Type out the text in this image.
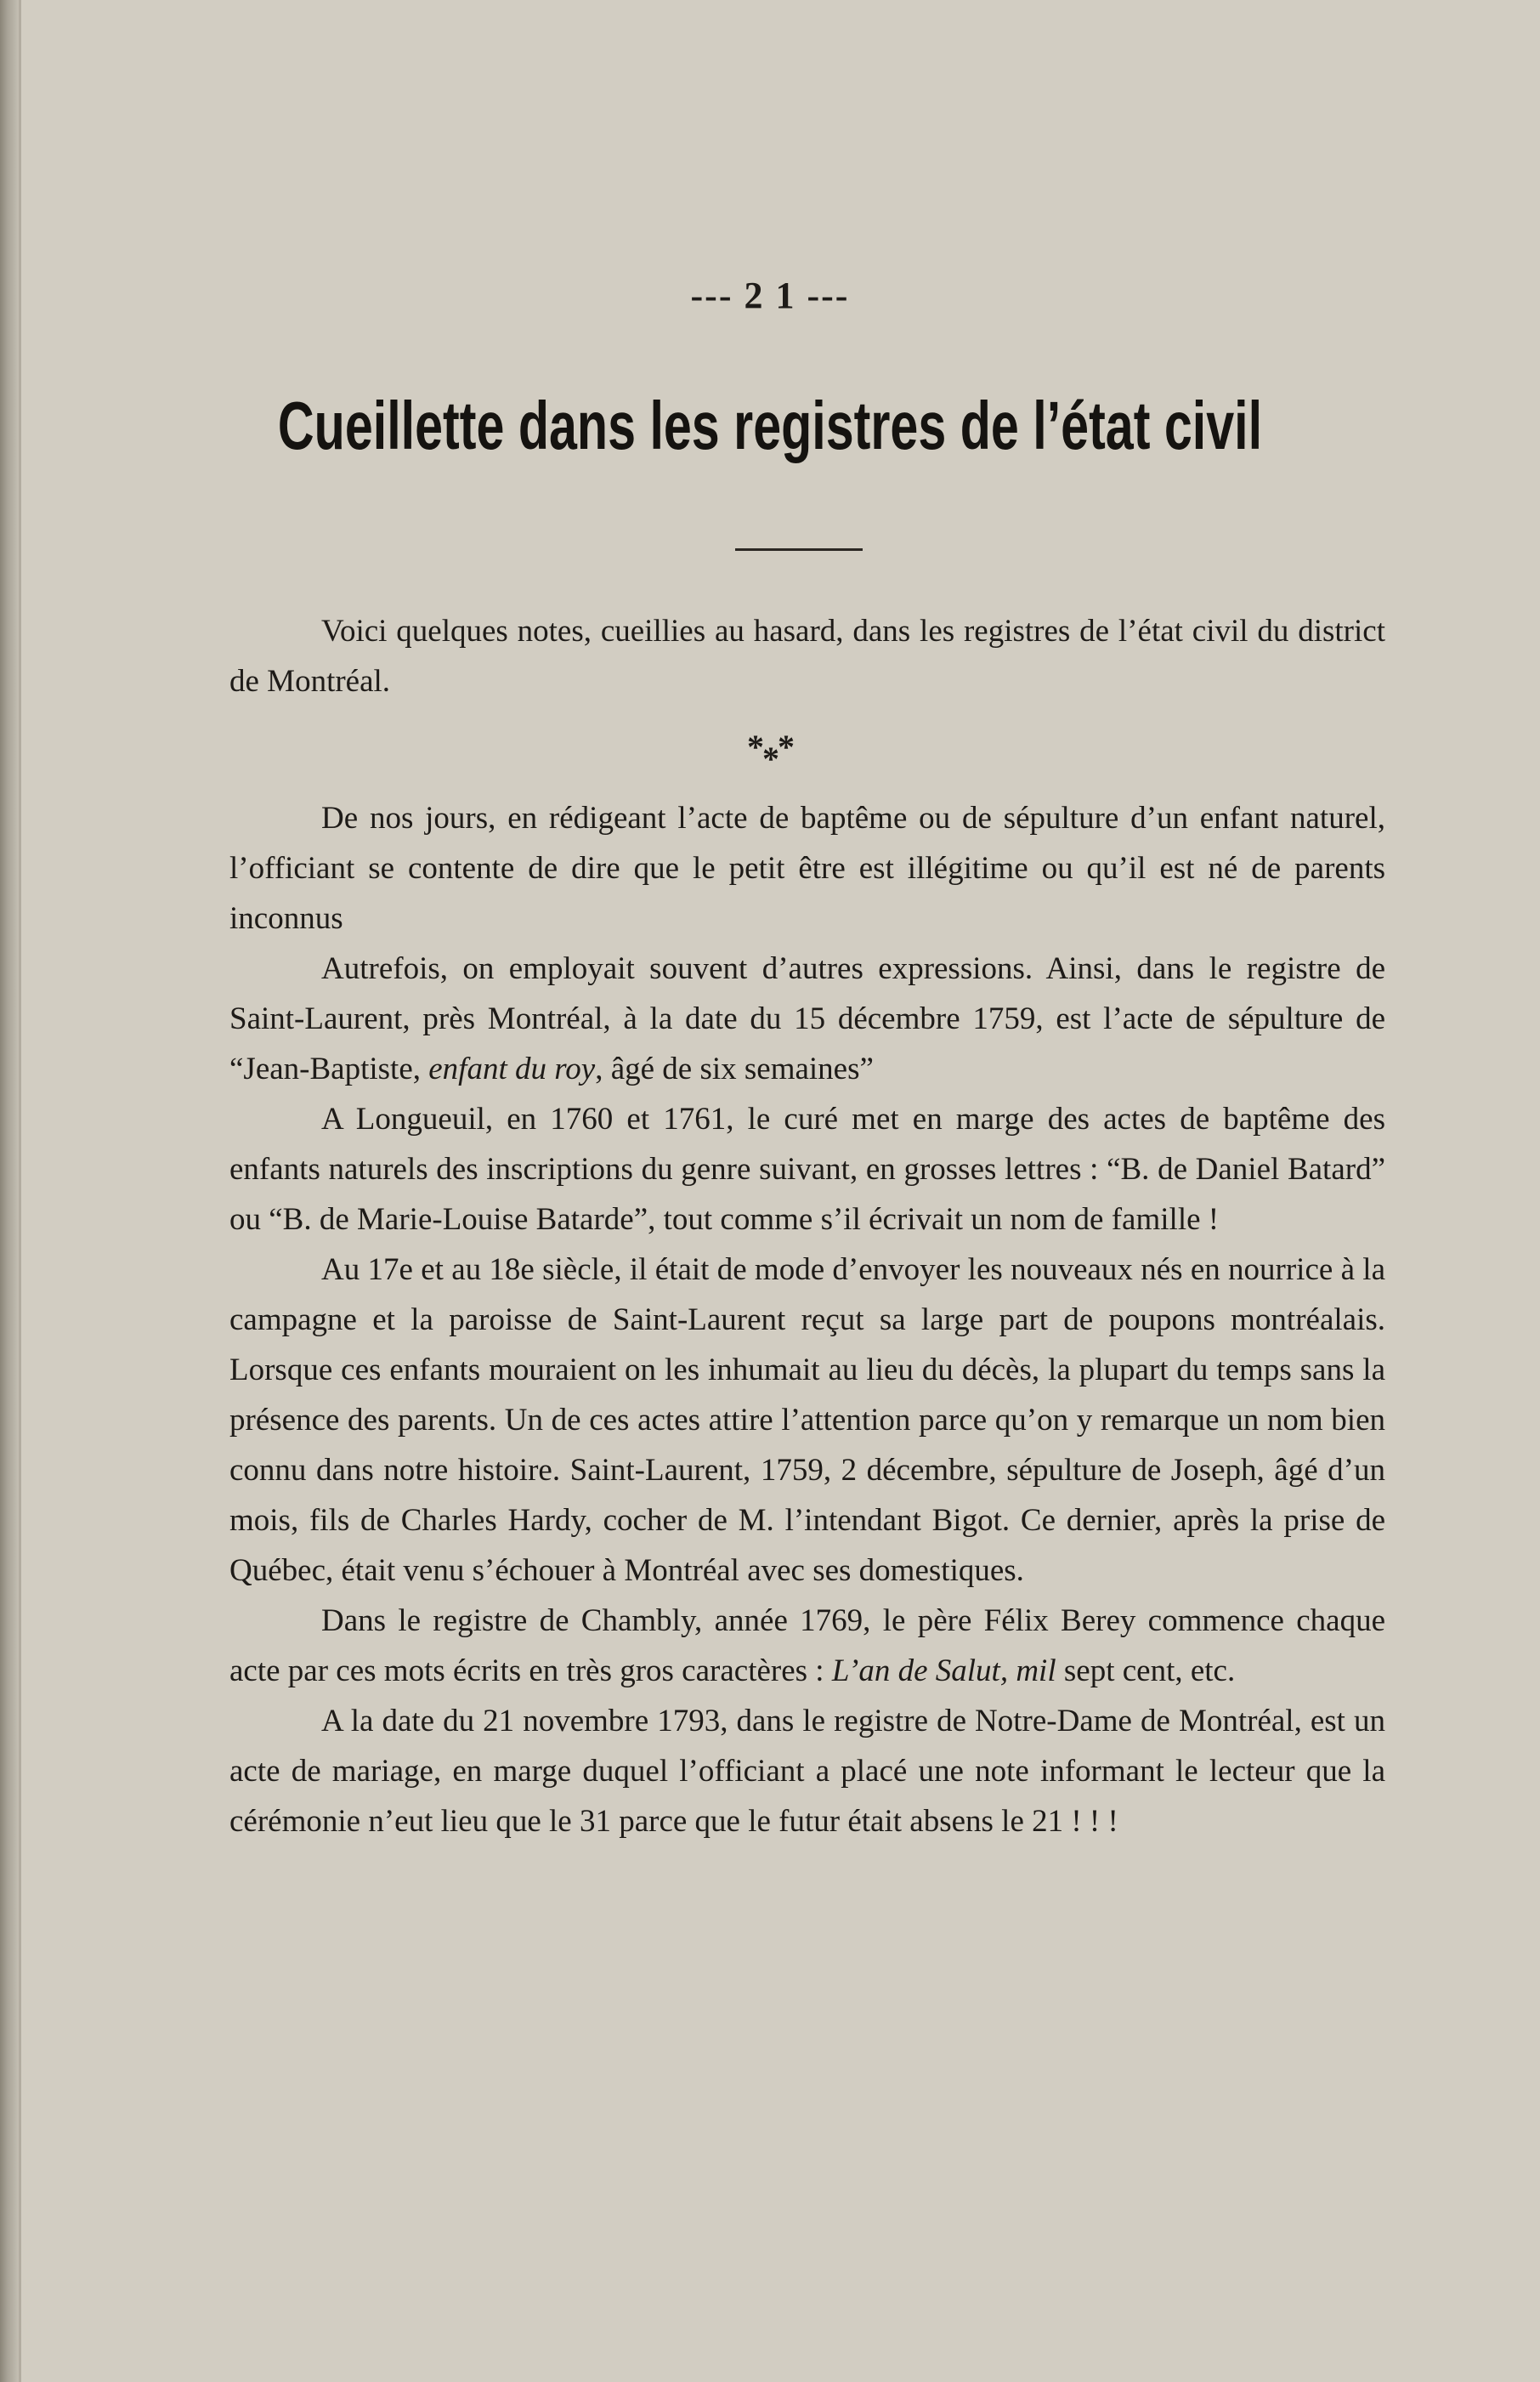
--- 2 1 ---
Cueillette dans les registres de l’état civil

Voici quelques notes, cueillies au hasard, dans les registres de l’état civil du district de Montréal.

***

De nos jours, en rédigeant l’acte de baptême ou de sépulture d’un enfant naturel, l’officiant se contente de dire que le petit être est illégitime ou qu’il est né de parents inconnus

Autrefois, on employait souvent d’autres expressions. Ainsi, dans le registre de Saint-Laurent, près Montréal, à la date du 15 décembre 1759, est l’acte de sépulture de “Jean-Baptiste, enfant du roy, âgé de six semaines”

A Longueuil, en 1760 et 1761, le curé met en marge des actes de baptême des enfants naturels des inscriptions du genre suivant, en grosses lettres : “B. de Daniel Batard” ou “B. de Marie-Louise Batarde”, tout comme s’il écrivait un nom de famille !

Au 17e et au 18e siècle, il était de mode d’envoyer les nouveaux nés en nourrice à la campagne et la paroisse de Saint-Laurent reçut sa large part de poupons montréalais. Lorsque ces enfants mouraient on les inhumait au lieu du décès, la plupart du temps sans la présence des parents. Un de ces actes attire l’attention parce qu’on y remarque un nom bien connu dans notre histoire. Saint-Laurent, 1759, 2 décembre, sépulture de Joseph, âgé d’un mois, fils de Charles Hardy, cocher de M. l’intendant Bigot. Ce dernier, après la prise de Québec, était venu s’échouer à Montréal avec ses domestiques.

Dans le registre de Chambly, année 1769, le père Félix Berey commence chaque acte par ces mots écrits en très gros caractères : L’an de Salut, mil sept cent, etc.

A la date du 21 novembre 1793, dans le registre de Notre-Dame de Montréal, est un acte de mariage, en marge duquel l’officiant a placé une note informant le lecteur que la cérémonie n’eut lieu que le 31 parce que le futur était absens le 21 ! ! !
